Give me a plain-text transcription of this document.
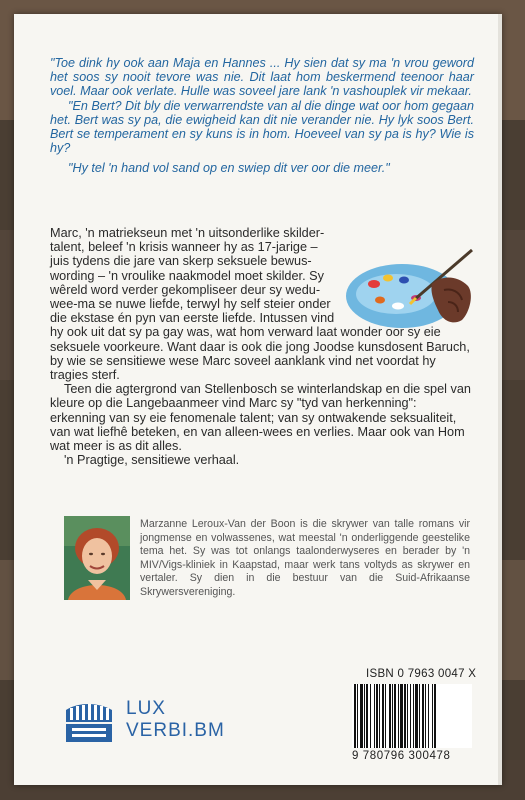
"Toe dink hy ook aan Maja en Hannes ... Hy sien dat sy ma 'n vrou geword het soos sy nooit tevore was nie. Dit laat hom beskermend teenoor haar voel. Maar ook verlate. Hulle was soveel jare lank 'n vashouplek vir mekaar.

"En Bert? Dit bly die verwarrendste van al die dinge wat oor hom gegaan het. Bert was sy pa, die ewigheid kan dit nie verander nie. Hy lyk soos Bert. Bert se temperament en sy kuns is in hom. Hoeveel van sy pa is hy? Wie is hy?

"Hy tel 'n hand vol sand op en swiep dit ver oor die meer."

Marc, 'n matriekseun met 'n uitsonderlike skilder-
talent, beleef 'n krisis wanneer hy as 17-jarige –
juis tydens die jare van skerp seksuele bewus-
wording – 'n vroulike naakmodel moet skilder. Sy
wêreld word verder gekompliseer deur sy wedu-
wee-ma se nuwe liefde, terwyl hy self steier onder
die ekstase én pyn van eerste liefde. Intussen vind
hy ook uit dat sy pa gay was, wat hom verward laat wonder oor sy eie seksuele voorkeure. Want daar is ook die jong Joodse kunsdosent Baruch, by wie se sensitiewe wese Marc soveel aanklank vind net voordat hy tragies sterf.

Teen die agtergrond van Stellenbosch se winterlandskap en die spel van kleure op die Langebaanmeer vind Marc sy "tyd van herkenning": erkenning van sy eie fenomenale talent; van sy ontwakende seksualiteit, van wat liefhê beteken, en van alleen-wees en verlies. Maar ook van Hom wat meer is as dit alles.

'n Pragtige, sensitiewe verhaal.

Marzanne Leroux-Van der Boon is die skrywer van talle romans vir jongmense en volwassenes, wat meestal 'n onderliggende geestelike tema het. Sy was tot onlangs taalonderwyseres en berader by 'n MIV/Vigs-kliniek in Kaapstad, maar werk tans voltyds as skrywer en vertaler. Sy dien in die bestuur van die Suid-Afrikaanse Skrywersvereniging.
LUX
VERBI.BM
ISBN 0 7963 0047 X
9 780796 300478
